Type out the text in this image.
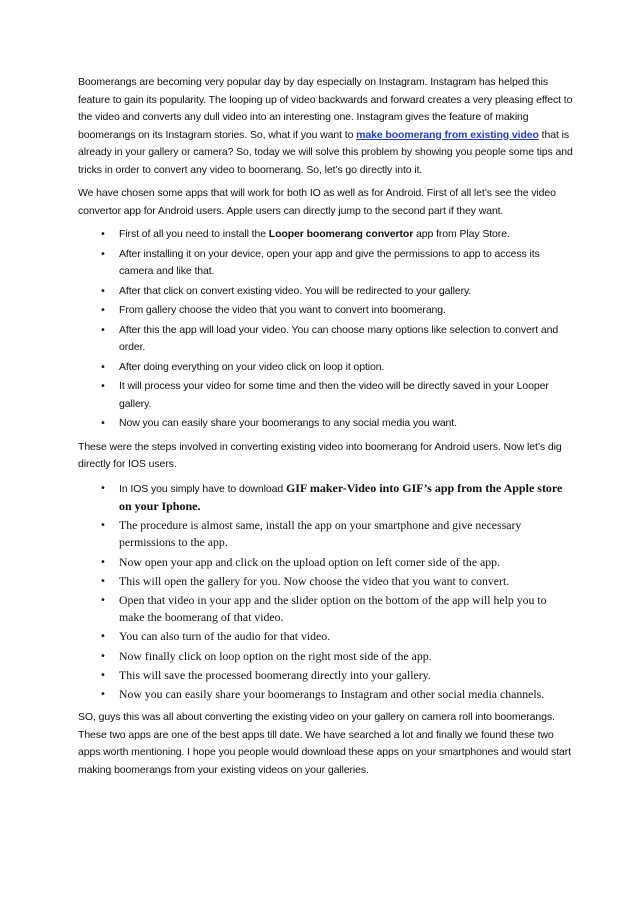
Boomerangs are becoming very popular day by day especially on Instagram. Instagram has helped this feature to gain its popularity. The looping up of video backwards and forward creates a very pleasing effect to the video and converts any dull video into an interesting one. Instagram gives the feature of making boomerangs on its Instagram stories. So, what if you want to make boomerang from existing video that is already in your gallery or camera? So, today we will solve this problem by showing you people some tips and tricks in order to convert any video to boomerang. So, let’s go directly into it.

We have chosen some apps that will work for both IO as well as for Android. First of all let’s see the video convertor app for Android users. Apple users can directly jump to the second part if they want.

• First of all you need to install the Looper boomerang convertor app from Play Store.
• After installing it on your device, open your app and give the permissions to app to access its camera and like that.
• After that click on convert existing video. You will be redirected to your gallery.
• From gallery choose the video that you want to convert into boomerang.
• After this the app will load your video. You can choose many options like selection to convert and order.
• After doing everything on your video click on loop it option.
• It will process your video for some time and then the video will be directly saved in your Looper gallery.
• Now you can easily share your boomerangs to any social media you want.

These were the steps involved in converting existing video into boomerang for Android users. Now let’s dig directly for IOS users.

• In IOS you simply have to download GIF maker-Video into GIF’s app from the Apple store on your Iphone.
• The procedure is almost same, install the app on your smartphone and give necessary permissions to the app.
• Now open your app and click on the upload option on left corner side of the app.
• This will open the gallery for you. Now choose the video that you want to convert.
• Open that video in your app and the slider option on the bottom of the app will help you to make the boomerang of that video.
• You can also turn of the audio for that video.
• Now finally click on loop option on the right most side of the app.
• This will save the processed boomerang directly into your gallery.
• Now you can easily share your boomerangs to Instagram and other social media channels.

SO, guys this was all about converting the existing video on your gallery on camera roll into boomerangs. These two apps are one of the best apps till date. We have searched a lot and finally we found these two apps worth mentioning. I hope you people would download these apps on your smartphones and would start making boomerangs from your existing videos on your galleries.
